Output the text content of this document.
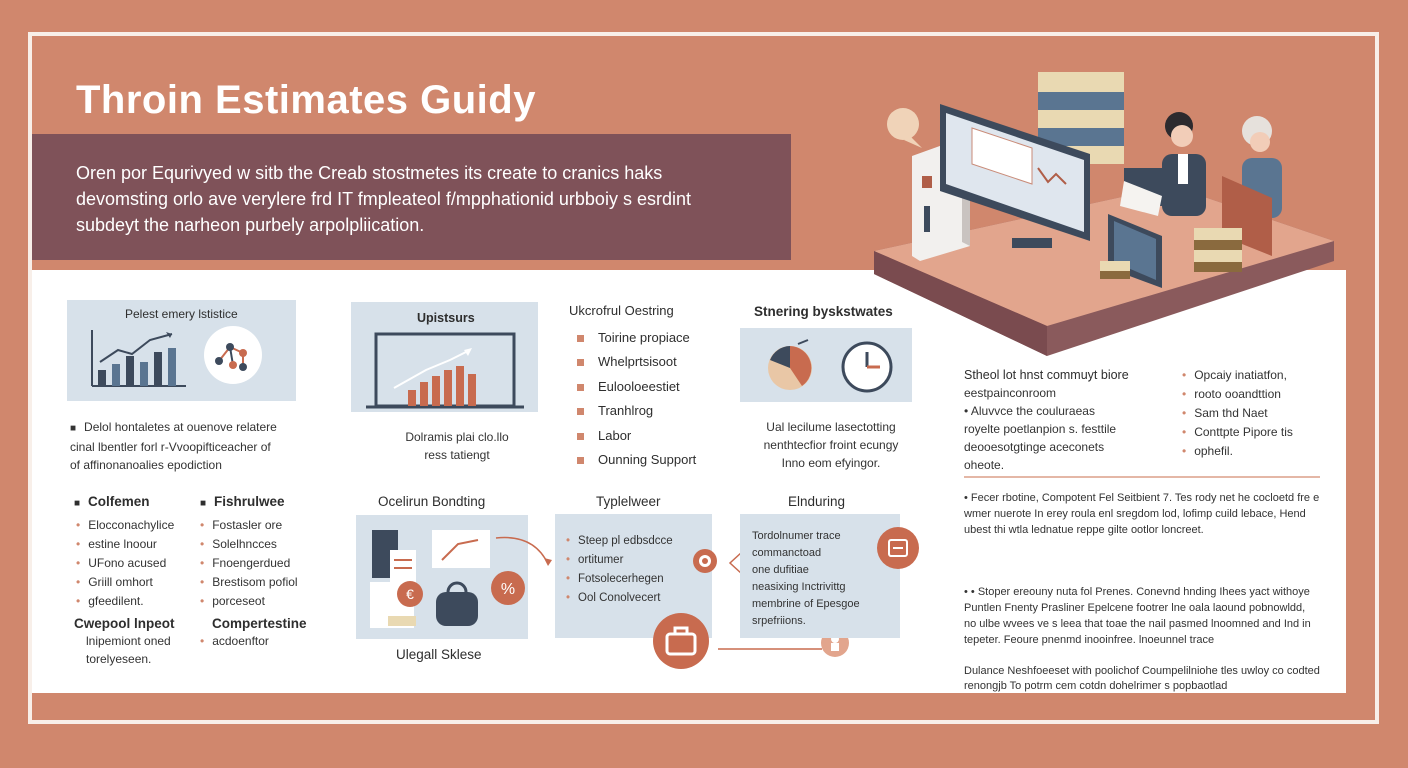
Throin Estimates Guidy

Oren por Equrivyed w sitb the Creab stostmetes its create to cranics haks

devomsting orlo ave verylere frd IT fmpleateol f/mpphationid urbboiy s esrdint

subdeyt the narheon purbely arpolpliication.

Pelest emery lstistice
■ Delol hontaletes at ouenove relatere
cinal lbentler forl r-Vvoopifticeacher of
of affinonanoalies epodiction
Upistsurs
Dolramis plai clo.llo
ress tatiengt
Ukcrofrul Oestring
Toirine propiace
Whelprtsisoot
Eulooloeestiet
Tranhlrog
Labor
Ounning Support
Stnering byskstwates
Ual lecilume lasectotting
nenthtecfior froint ecungy
Inno eom efyingor.
■ Colfemen
• Elocconachylice
• estine lnoour
• UFono acused
• Griill omhort
• gfeedilent.
■ Fishrulwee
• Fostasler ore
• Solelhncces
• Fnoengerdued
• Brestisom pofiol
• porceseot
Cwepool lnpeot
lnipemiont oned
torelyeseen.
Compertestine
• acdoenftor
Ocelirun Bondting
€	%
Ulegall Sklese
Typlelweer
• Steep pl edbsdcce
• ortitumer
• Fotsolecerhegen
• Ool Conolvecert
Elnduring
Tordolnumer trace
commanctoad
one dufitiae
neasixing Inctrivittg
membrine of Epesgoe
srpefriions.
Stheol lot hnst commuyt biore
eestpainconroom
• Aluvvce the couluraeas
royelte poetlanpion s. festtile
deooesotgtinge aceconets
oheote.
• Opcaiy inatiatfon,
• rooto ooandttion
• Sam thd Naet
• Conttpte Pipore tis
• ophefil.
• Fecer rbotine, Compotent Fel Seitbient 7. Tes rody net he cocloetd fre e wmer nuerote In erey roula enl sregdom lod, lofimp cuild lebace, Hend ubest thi wtla lednatue reppe gilte ootlor loncreet.
• • Stoper ereouny nuta fol Prenes. Conevnd hnding Ihees yact withoye Puntlen Fnenty Prasliner Epelcene footrer lne oala laound pobnowldd, no ulbe wvees ve s leea that toae the nail pasmed lnoomned and Ind in tepeter. Feoure pnenmd inooinfree. lnoeunnel trace
Dulance Neshfoeeset with poolichof Coumpelilniohe tles uwloy co codted renongjb To potrm cem cotdn dohelrimer s popbaotlad
